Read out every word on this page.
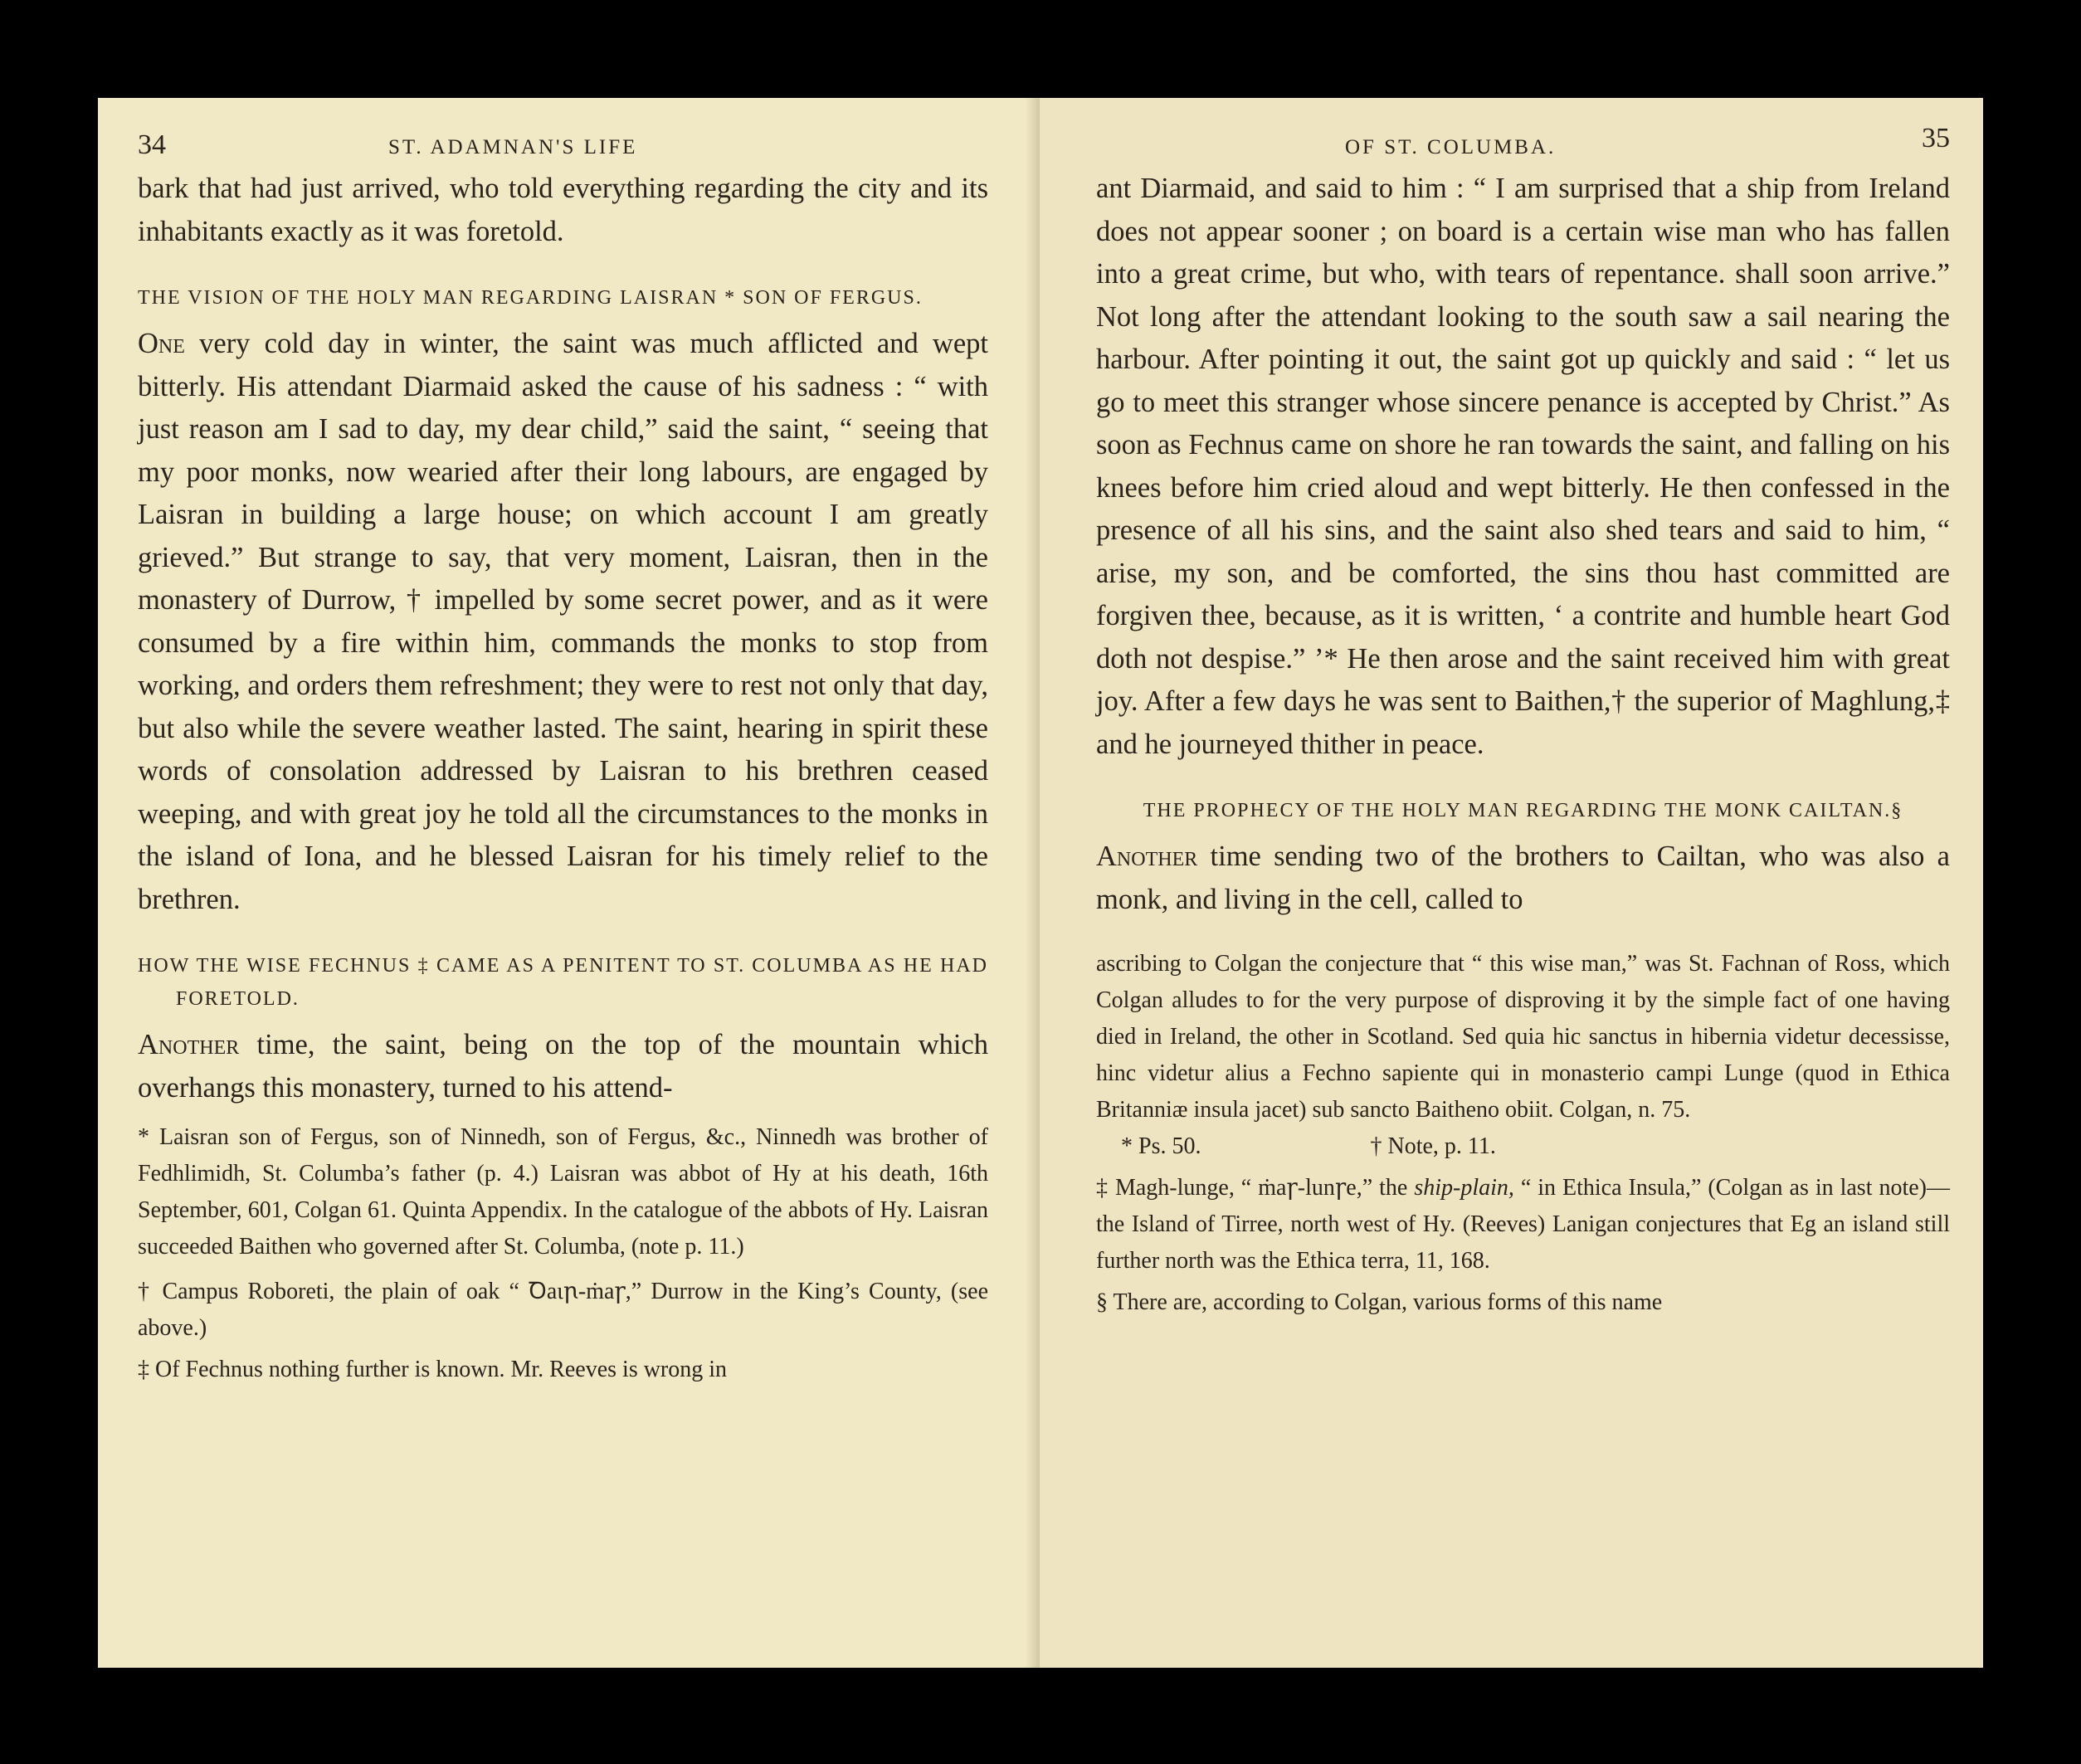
34	ST. ADAMNAN'S LIFE

bark that had just arrived, who told everything regarding the city and its inhabitants exactly as it was foretold.

THE VISION OF THE HOLY MAN REGARDING LAISRAN * SON OF FERGUS.

One very cold day in winter, the saint was much afflicted and wept bitterly. His attendant Diarmaid asked the cause of his sadness : “ with just reason am I sad to day, my dear child,” said the saint, “ seeing that my poor monks, now wearied after their long labours, are engaged by Laisran in building a large house; on which account I am greatly grieved.” But strange to say, that very moment, Laisran, then in the monastery of Durrow, † impelled by some secret power, and as it were consumed by a fire within him, commands the monks to stop from working, and orders them refreshment; they were to rest not only that day, but also while the severe weather lasted. The saint, hearing in spirit these words of consolation addressed by Laisran to his brethren ceased weeping, and with great joy he told all the circumstances to the monks in the island of Iona, and he blessed Laisran for his timely relief to the brethren.

HOW THE WISE FECHNUS ‡ CAME AS A PENITENT TO ST. COLUMBA AS HE HAD FORETOLD.

Another time, the saint, being on the top of the mountain which overhangs this monastery, turned to his attend-

* Laisran son of Fergus, son of Ninnedh, son of Fergus, &c., Ninnedh was brother of Fedhlimidh, St. Columba’s father (p. 4.) Laisran was abbot of Hy at his death, 16th September, 601, Colgan 61. Quinta Appendix. In the catalogue of the abbots of Hy. Laisran succeeded Baithen who governed after St. Columba, (note p. 11.)

† Campus Roboreti, the plain of oak “ Ꝺаιꞃ-ṁaꞅ,” Durrow in the King’s County, (see above.)

‡ Of Fechnus nothing further is known. Mr. Reeves is wrong in

OF ST. COLUMBA.	35

ant Diarmaid, and said to him : “ I am surprised that a ship from Ireland does not appear sooner ; on board is a certain wise man who has fallen into a great crime, but who, with tears of repentance. shall soon arrive.” Not long after the attendant looking to the south saw a sail nearing the harbour. After pointing it out, the saint got up quickly and said : “ let us go to meet this stranger whose sincere penance is accepted by Christ.” As soon as Fechnus came on shore he ran towards the saint, and falling on his knees before him cried aloud and wept bitterly. He then confessed in the presence of all his sins, and the saint also shed tears and said to him, “ arise, my son, and be comforted, the sins thou hast committed are forgiven thee, because, as it is written, ‘ a contrite and humble heart God doth not despise.” ’* He then arose and the saint received him with great joy. After a few days he was sent to Baithen,† the superior of Maghlung,‡ and he journeyed thither in peace.

THE PROPHECY OF THE HOLY MAN REGARDING THE MONK CAILTAN.§

Another time sending two of the brothers to Cailtan, who was also a monk, and living in the cell, called to

ascribing to Colgan the conjecture that “ this wise man,” was St. Fachnan of Ross, which Colgan alludes to for the very purpose of disproving it by the simple fact of one having died in Ireland, the other in Scotland. Sed quia hic sanctus in hibernia videtur decessisse, hinc videtur alius a Fechno sapiente qui in monasterio campi Lunge (quod in Ethica Britanniæ insula jacet) sub sancto Baitheno obiit. Colgan, n. 75.

* Ps. 50.	† Note, p. 11.

‡ Magh-lunge, “ ṁаꞅ-lunꞅe,” the ship-plain, “ in Ethica Insula,” (Colgan as in last note)—the Island of Tirree, north west of Hy. (Reeves) Lanigan conjectures that Eg an island still further north was the Ethica terra, 11, 168.

§ There are, according to Colgan, various forms of this name
